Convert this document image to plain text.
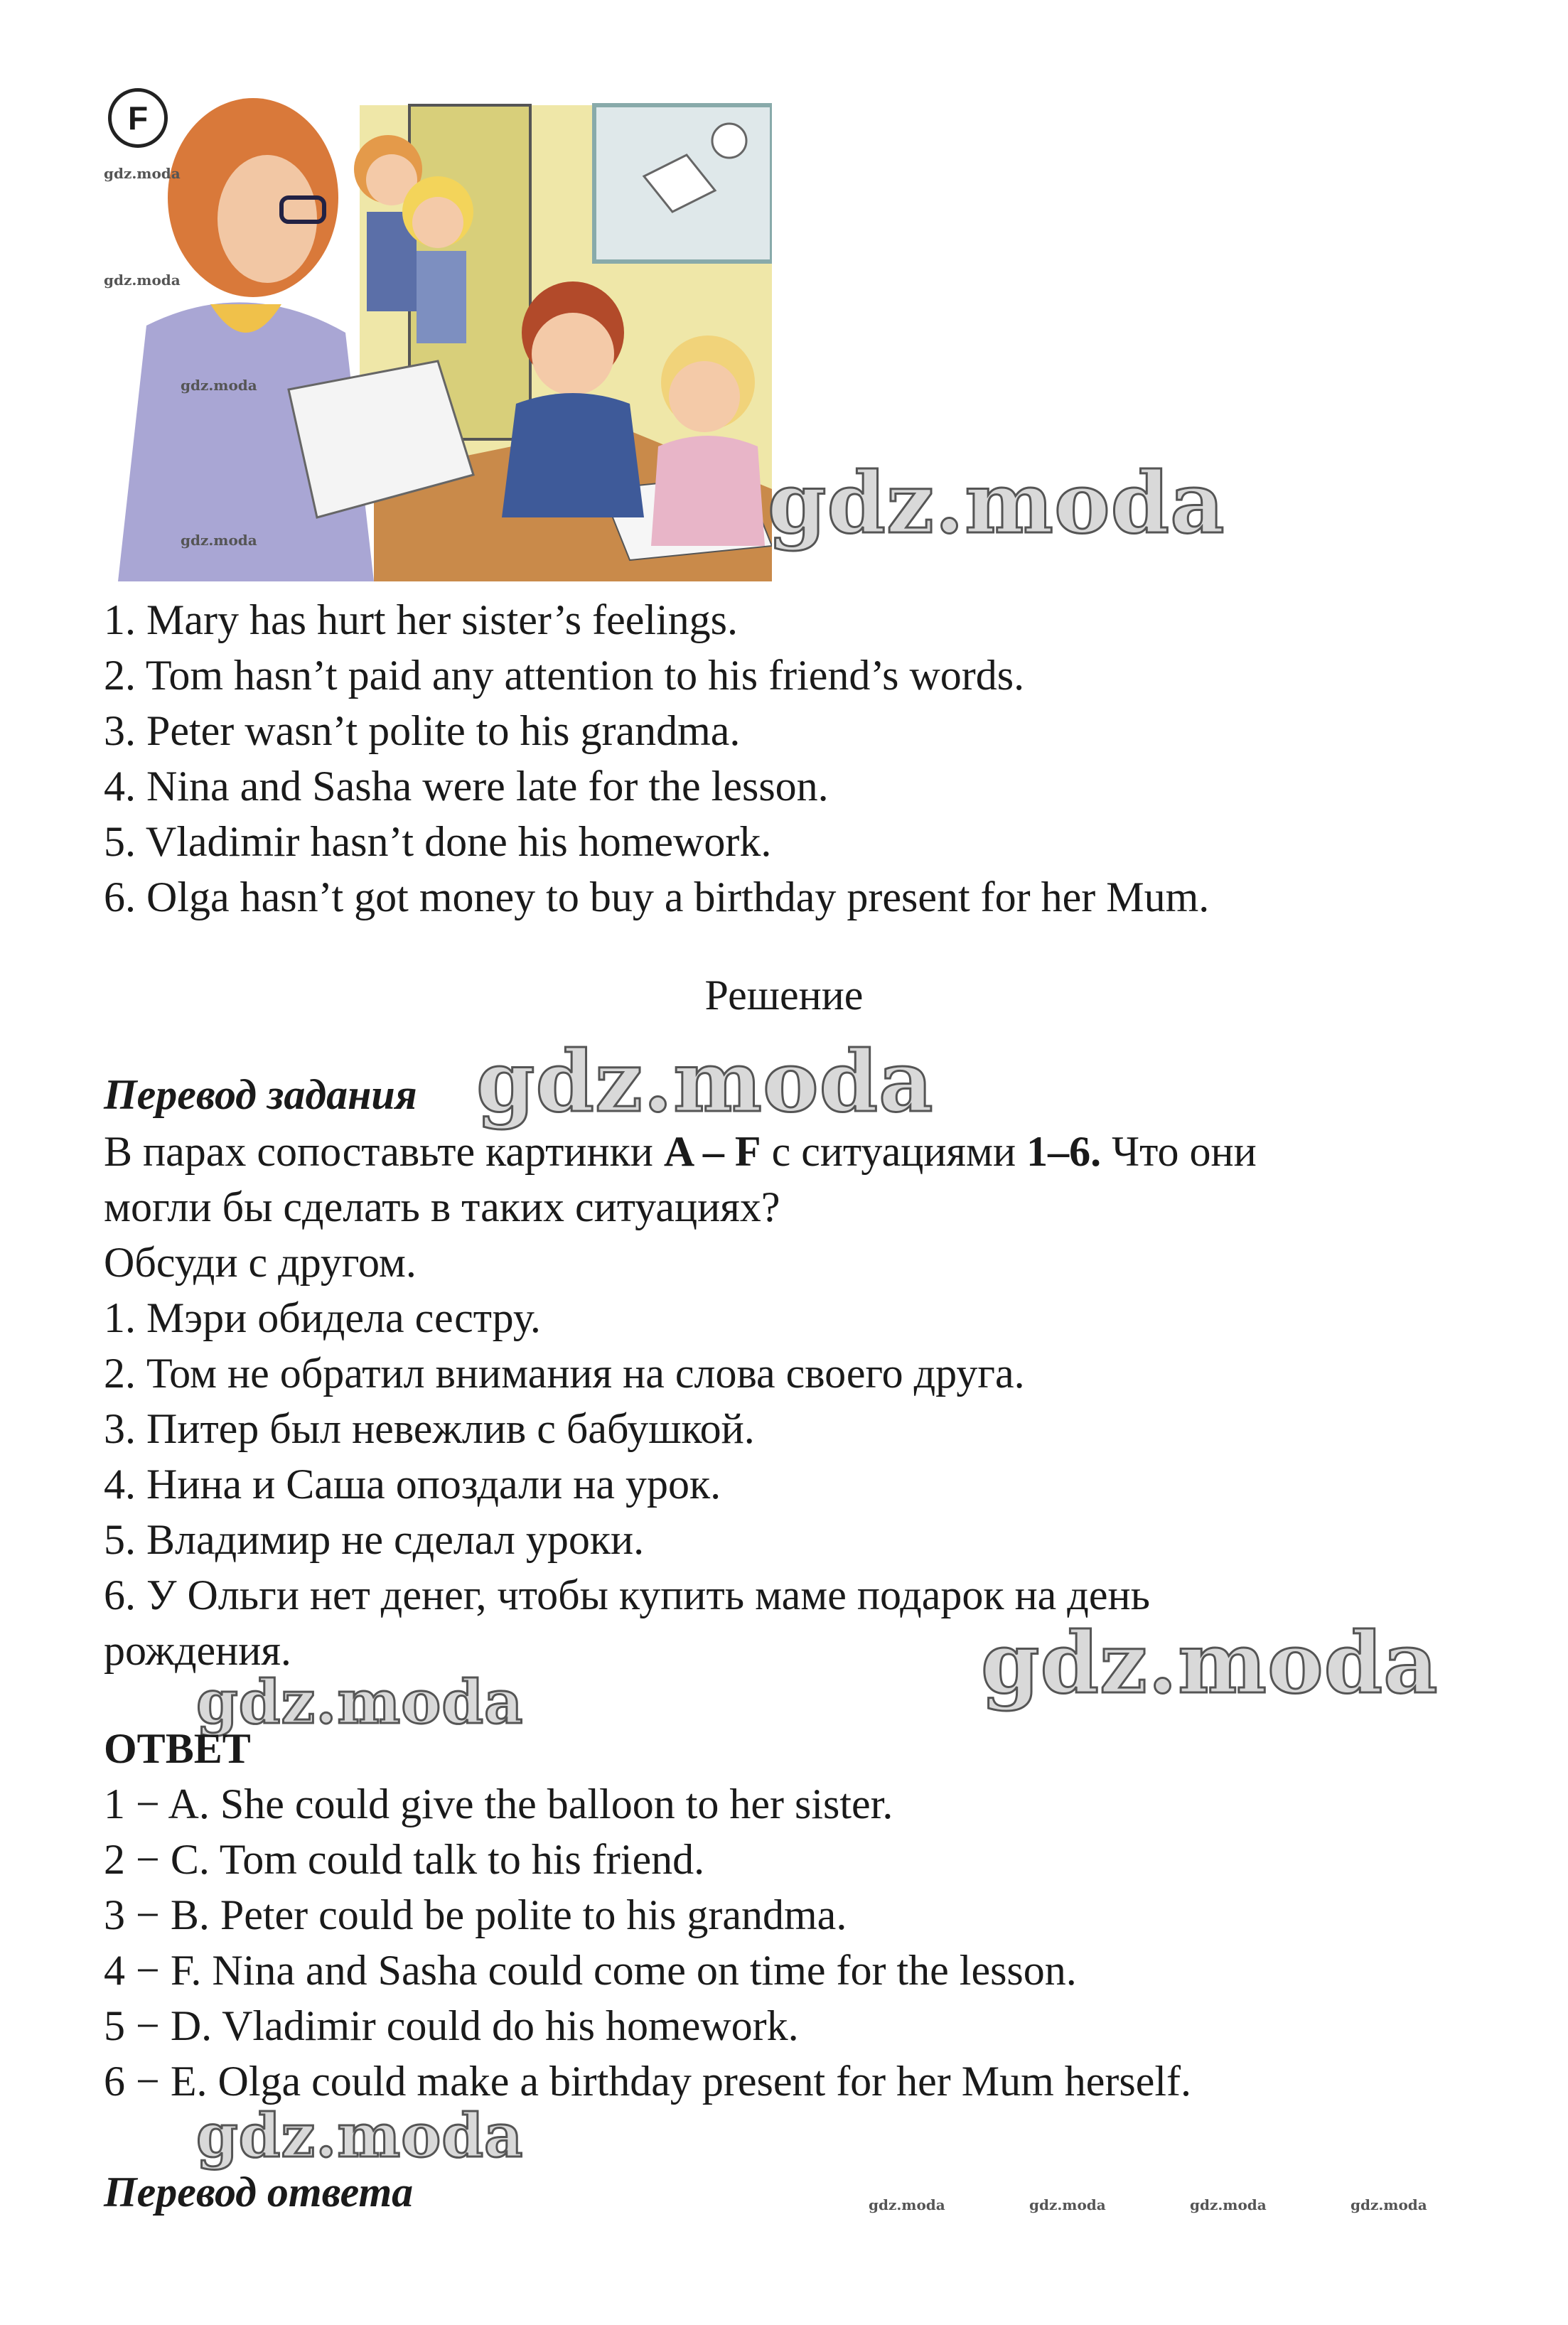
F
gdz.moda
gdz.moda
gdz.moda
gdz.moda	gdz.moda
1. Mary has hurt her sister’s feelings.
2. Tom hasn’t paid any attention to his friend’s words.
3. Peter wasn’t polite to his grandma.
4. Nina and Sasha were late for the lesson.
5. Vladimir hasn’t done his homework.
6. Olga hasn’t got money to buy a birthday present for her Mum.
Решение
Перевод задания gdz.moda
В парах сопоставьте картинки A – F с ситуациями 1–6. Что они
могли бы сделать в таких ситуациях?
Обсуди с другом.
1. Мэри обидела сестру.
2. Том не обратил внимания на слова своего друга.
3. Питер был невежлив с бабушкой.
4. Нина и Саша опоздали на урок.
5. Владимир не сделал уроки.
6. У Ольги нет денег, чтобы купить маме подарок на день
рождения.	gdz.moda
gdz.moda
ОТВЕТ
1 − A. She could give the balloon to her sister.
2 − C. Tom could talk to his friend.
3 − B. Peter could be polite to his grandma.
4 − F. Nina and Sasha could come on time for the lesson.
5 − D. Vladimir could do his homework.
6 − E. Olga could make a birthday present for her Mum herself.
gdz.moda
Перевод ответа	gdz.moda	gdz.moda	gdz.moda	gdz.moda
